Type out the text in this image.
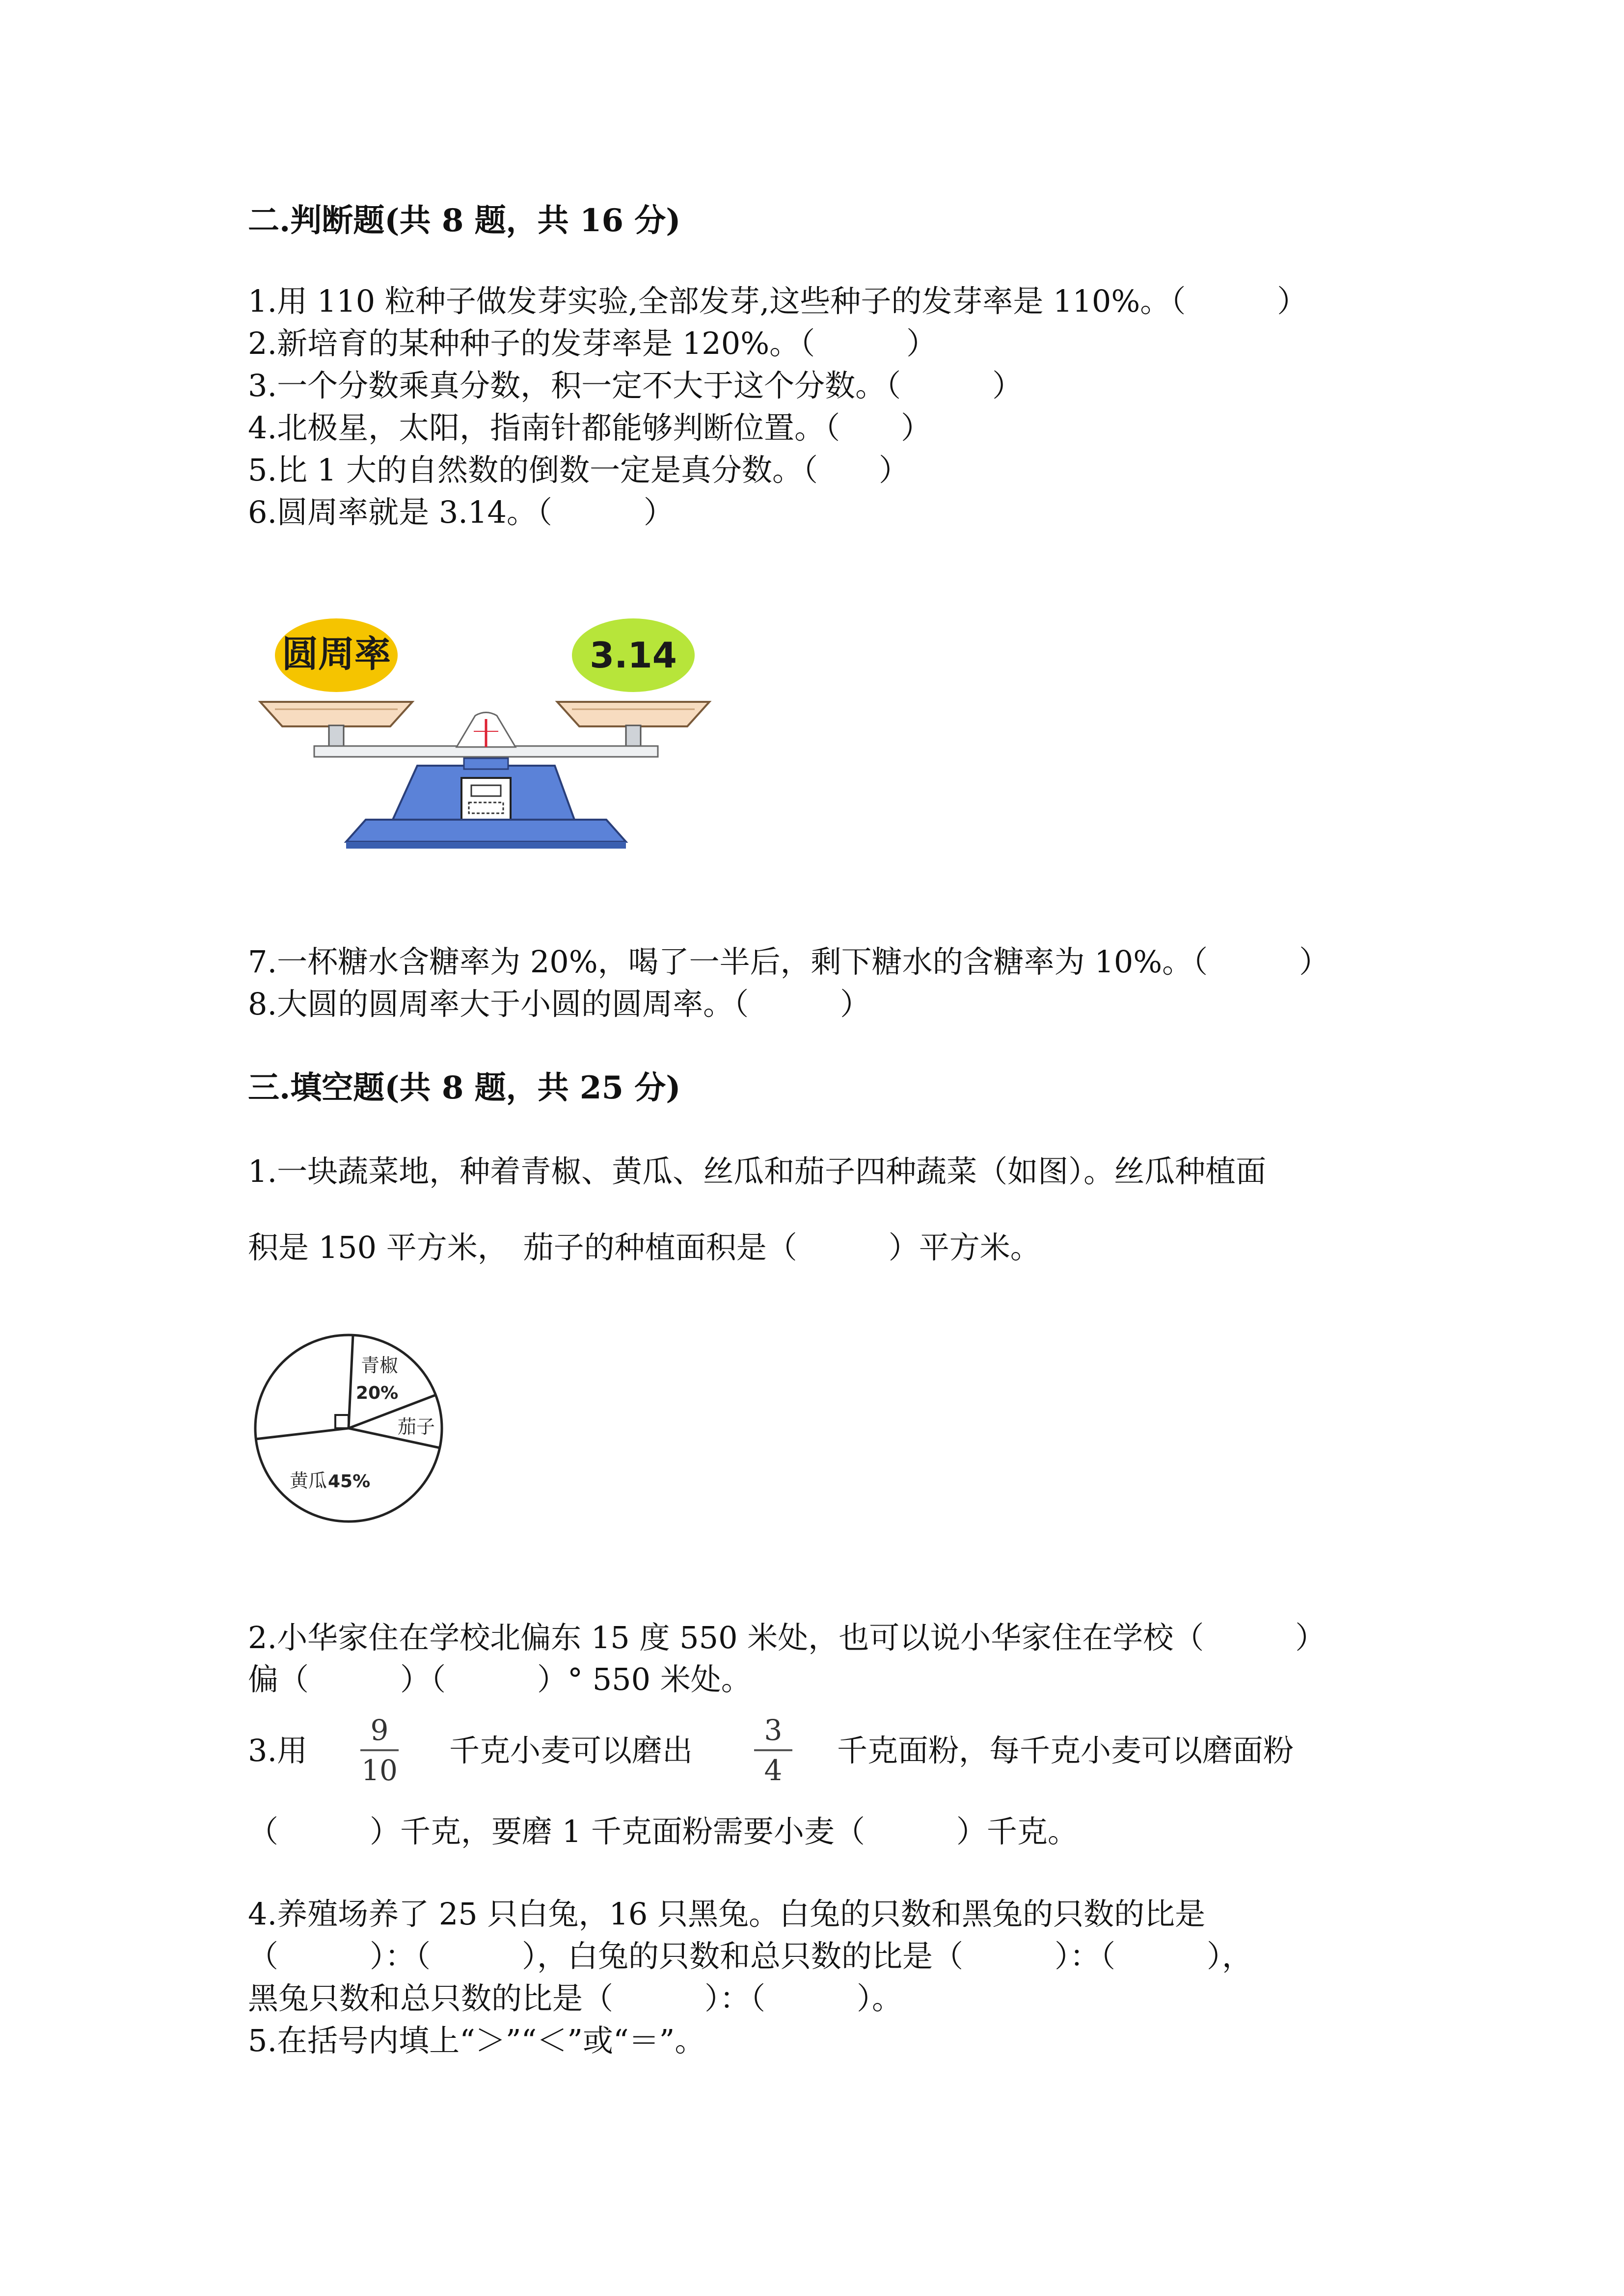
二.判断题(共 8 题，共 16 分)
1.用 110 粒种子做发芽实验,全部发芽,这些种子的发芽率是 110%。（　　　）
2.新培育的某种种子的发芽率是 120%。（　　　）
3.一个分数乘真分数，积一定不大于这个分数。（　　　）
4.北极星，太阳，指南针都能够判断位置。（　　）
5.比 1 大的自然数的倒数一定是真分数。（　　）
6.圆周率就是 3.14。（　　　）
圆周率	3.14
7.一杯糖水含糖率为 20%，喝了一半后，剩下糖水的含糖率为 10%。（　　　）
8.大圆的圆周率大于小圆的圆周率。（　　　）
三.填空题(共 8 题，共 25 分)
1.一块蔬菜地，种着青椒、黄瓜、丝瓜和茄子四种蔬菜（如图）。丝瓜种植面
积是 150 平方米，　茄子的种植面积是（　　　）平方米。
青椒
20%
茄子
黄瓜 45%
2.小华家住在学校北偏东 15 度 550 米处，也可以说小华家住在学校（　　　）
偏（　　　）（　　　）° 550 米处。
3.用
9
10
千克小麦可以磨出
3
4
千克面粉，每千克小麦可以磨面粉
（　　　）千克，要磨 1 千克面粉需要小麦（　　　）千克。
4.养殖场养了 25 只白兔，16 只黑兔。白兔的只数和黑兔的只数的比是
（　　　）：（　　　），白兔的只数和总只数的比是（　　　）：（　　　），
黑兔只数和总只数的比是（　　　）：（　　　）。
5.在括号内填上“＞”“＜”或“＝”。
